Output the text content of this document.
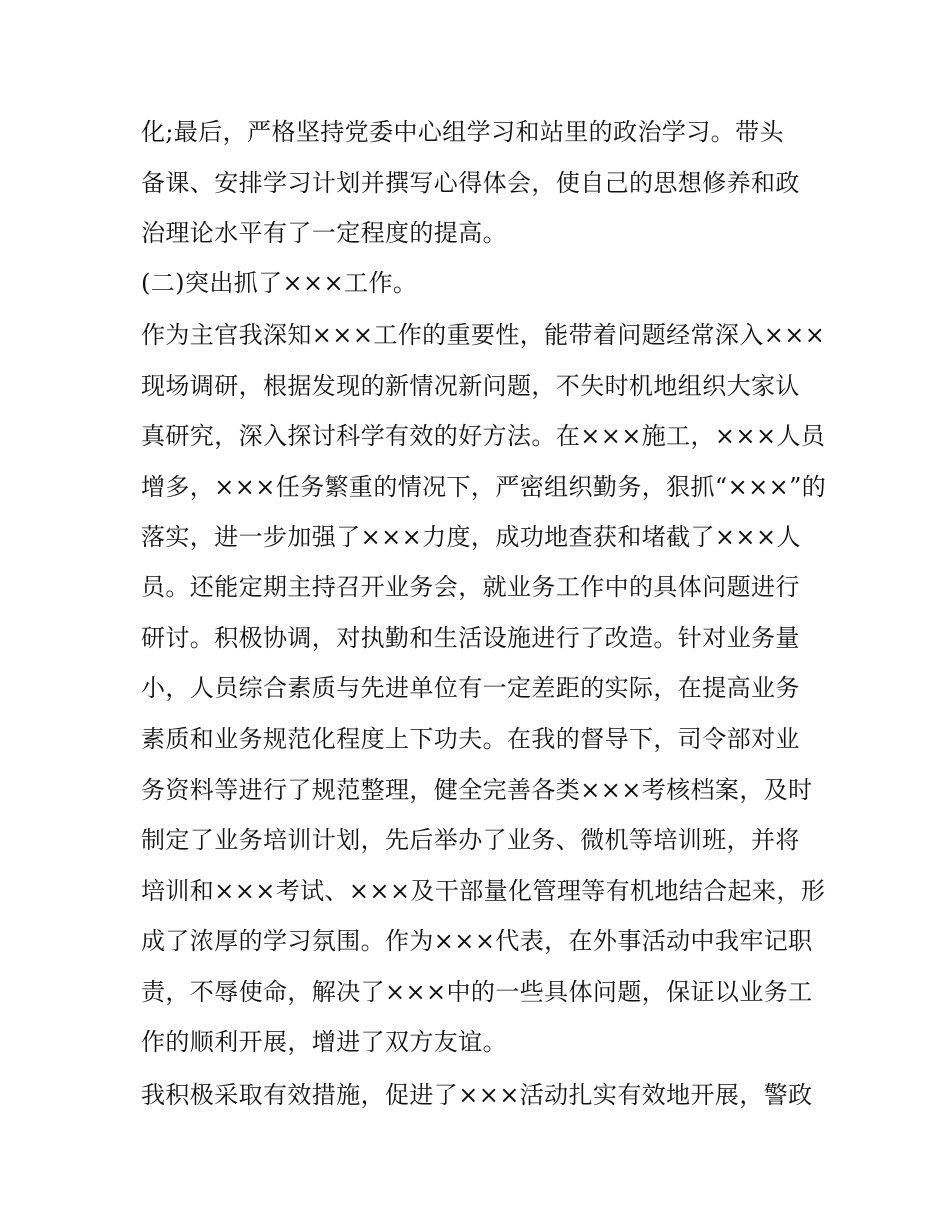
化;最后，严格坚持党委中心组学习和站里的政治学习。带头
备课、安排学习计划并撰写心得体会，使自己的思想修养和政
治理论水平有了一定程度的提高。
(二)突出抓了×××工作。
作为主官我深知×××工作的重要性，能带着问题经常深入×××
现场调研，根据发现的新情况新问题，不失时机地组织大家认
真研究，深入探讨科学有效的好方法。在×××施工，×××人员
增多，×××任务繁重的情况下，严密组织勤务，狠抓“×××”的
落实，进一步加强了×××力度，成功地查获和堵截了×××人
员。还能定期主持召开业务会，就业务工作中的具体问题进行
研讨。积极协调，对执勤和生活设施进行了改造。针对业务量
小，人员综合素质与先进单位有一定差距的实际，在提高业务
素质和业务规范化程度上下功夫。在我的督导下，司令部对业
务资料等进行了规范整理，健全完善各类×××考核档案，及时
制定了业务培训计划，先后举办了业务、微机等培训班，并将
培训和×××考试、×××及干部量化管理等有机地结合起来，形
成了浓厚的学习氛围。作为×××代表，在外事活动中我牢记职
责，不辱使命，解决了×××中的一些具体问题，保证以业务工
作的顺利开展，增进了双方友谊。
我积极采取有效措施，促进了×××活动扎实有效地开展，警政
